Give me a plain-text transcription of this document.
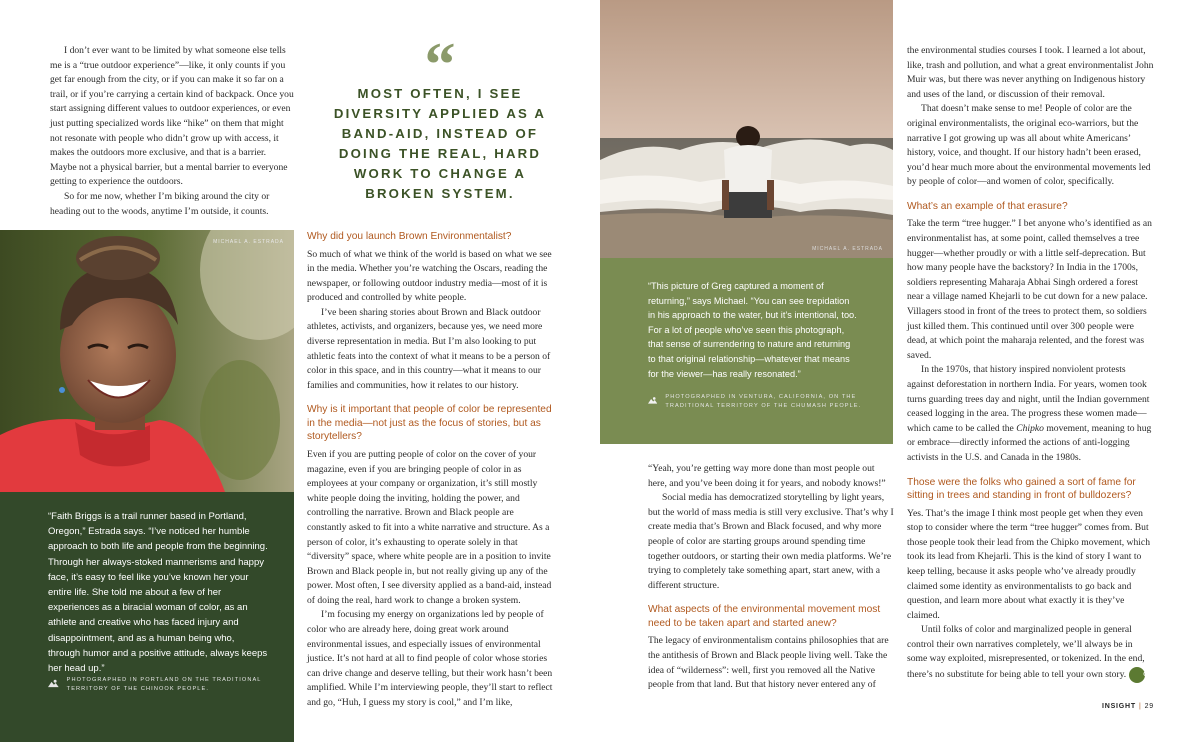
I don’t ever want to be limited by what someone else tells me is a “true outdoor experience”—like, it only counts if you get far enough from the city, or if you can make it so far on a trail, or if you’re carrying a certain kind of backpack. Once you start assigning different values to outdoor experiences, or even just putting specialized words like “hike” on them that might not resonate with people who didn’t grow up with access, it makes the outdoors more exclusive, and that is a barrier. Maybe not a physical barrier, but a mental barrier to everyone getting to experience the outdoors.

So for me now, whether I’m biking around the city or heading out to the woods, anytime I’m outside, it counts.

MICHAEL A. ESTRADA
“Faith Briggs is a trail runner based in Portland, Oregon,” Estrada says. “I’ve noticed her humble approach to both life and people from the beginning. Through her always-stoked mannerisms and happy face, it’s easy to feel like you’ve known her your entire life. She told me about a few of her experiences as a biracial woman of color, as an athlete and creative who has faced injury and disappointment, and as a human being who, through humor and a positive attitude, always keeps her head up.”
PHOTOGRAPHED IN PORTLAND ON THE TRADITIONAL TERRITORY OF THE CHINOOK PEOPLE.
“
MOST OFTEN, I SEE DIVERSITY APPLIED AS A BAND-AID, INSTEAD OF DOING THE REAL, HARD WORK TO CHANGE A BROKEN SYSTEM.
Why did you launch Brown Environmentalist?

So much of what we think of the world is based on what we see in the media. Whether you’re watching the Oscars, reading the newspaper, or following outdoor industry media—most of it is produced and controlled by white people.

I’ve been sharing stories about Brown and Black outdoor athletes, activists, and organizers, because yes, we need more diverse representation in media. But I’m also looking to put athletic feats into the context of what it means to be a person of color in this space, and in this country—what it means to our families and communities, how it relates to our history.

Why is it important that people of color be represented in the media—not just as the focus of stories, but as storytellers?

Even if you are putting people of color on the cover of your magazine, even if you are bringing people of color in as employees at your company or organization, it’s still mostly white people doing the inviting, holding the power, and controlling the narrative. Brown and Black people are constantly asked to fit into a white narrative and structure. As a person of color, it’s exhausting to operate solely in that “diversity” space, where white people are in a position to invite Brown and Black people in, but not really giving up any of the power. Most often, I see diversity applied as a band-aid, instead of doing the real, hard work to change a broken system.

I’m focusing my energy on organizations led by people of color who are already here, doing great work around environmental issues, and especially issues of environmental justice. It’s not hard at all to find people of color whose stories can drive change and deserve telling, but their work hasn’t been amplified. While I’m interviewing people, they’ll start to reflect and go, “Huh, I guess my story is cool,” and I’m like,

MICHAEL A. ESTRADA
“This picture of Greg captured a moment of returning,” says Michael. “You can see trepidation in his approach to the water, but it’s intentional, too. For a lot of people who’ve seen this photograph, that sense of surrendering to nature and returning to that original relationship—whatever that means for the viewer—has really resonated.”
PHOTOGRAPHED IN VENTURA, CALIFORNIA, ON THE TRADITIONAL TERRITORY OF THE CHUMASH PEOPLE.

“Yeah, you’re getting way more done than most people out here, and you’ve been doing it for years, and nobody knows!”

Social media has democratized storytelling by light years, but the world of mass media is still very exclusive. That’s why I create media that’s Brown and Black focused, and why more people of color are starting groups around spending time together outdoors, or starting their own media platforms. We’re trying to completely take something apart, start anew, with a different structure.

What aspects of the environmental movement most need to be taken apart and started anew?

The legacy of environmentalism contains philosophies that are the antithesis of Brown and Black people living well. Take the idea of “wilderness”: well, first you removed all the Native people from that land. But that history never entered any of

the environmental studies courses I took. I learned a lot about, like, trash and pollution, and what a great environmentalist John Muir was, but there was never anything on Indigenous history and uses of the land, or discussion of their removal.

That doesn’t make sense to me! People of color are the original environmentalists, the original eco-warriors, but the narrative I got growing up was all about white Americans’ history, voice, and thought. If our history hadn’t been erased, you’d hear much more about the environmental movements led by people of color—and women of color, specifically.

What’s an example of that erasure?

Take the term “tree hugger.” I bet anyone who’s identified as an environmentalist has, at some point, called themselves a tree hugger—whether proudly or with a little self-deprecation. But how many people have the backstory? In India in the 1700s, soldiers representing Maharaja Abhai Singh ordered a forest near a village named Khejarli to be cut down for a new palace. Villagers stood in front of the trees to protect them, so soldiers just killed them. This continued until over 300 people were dead, at which point the maharaja relented, and the forest was saved.

In the 1970s, that history inspired nonviolent protests against deforestation in northern India. For years, women took turns guarding trees day and night, until the Indian government ceased logging in the area. The progress these women made—which came to be called the Chipko movement, meaning to hug or embrace—directly informed the actions of anti-logging activists in the U.S. and Canada in the 1980s.

Those were the folks who gained a sort of fame for sitting in trees and standing in front of bulldozers?

Yes. That’s the image I think most people get when they even stop to consider where the term “tree hugger” comes from. But those people took their lead from the Chipko movement, which took its lead from Khejarli. This is the kind of story I want to keep telling, because it asks people who’ve already proudly claimed some identity as environmentalists to go back and question, and learn more about what exactly it is they’ve claimed.

Until folks of color and marginalized people in general control their own narratives completely, we’ll always be in some way exploited, misrepresented, or tokenized. In the end, there’s no substitute for being able to tell your own story.	GP

INSIGHT | 29
